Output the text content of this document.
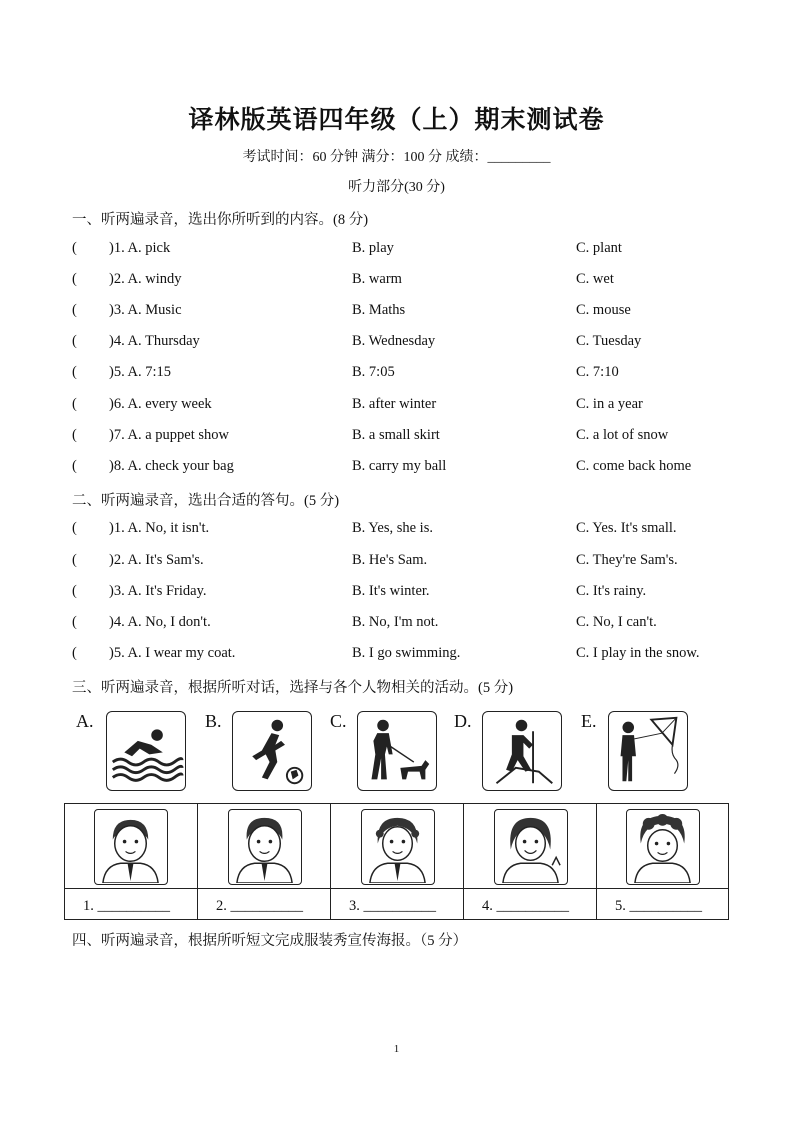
译林版英语四年级（上）期末测试卷
考试时间：60 分钟 满分：100 分 成绩：_________
听力部分(30 分)
一、听两遍录音，选出你所听到的内容。(8 分)
( )1. A. pick	B. play	C. plant
( )2. A. windy	B. warm	C. wet
( )3. A. Music	B. Maths	C. mouse
( )4. A. Thursday	B. Wednesday	C. Tuesday
( )5. A. 7:15	B. 7:05	C. 7:10
( )6. A. every week	B. after winter	C. in a year
( )7. A. a puppet show	B. a small skirt	C. a lot of snow
( )8. A. check your bag	B. carry my ball	C. come back home
二、听两遍录音，选出合适的答句。(5 分)
( )1. A. No, it isn't.	B. Yes, she is.	C. Yes. It's small.
( )2. A. It's Sam's.	B. He's Sam.	C. They're Sam's.
( )3. A. It's Friday.	B. It's winter.	C. It's rainy.
( )4. A. No, I don't.	B. No, I'm not.	C. No, I can't.
( )5. A. I wear my coat.	B. I go swimming.	C. I play in the snow.
三、听两遍录音，根据所听对话，选择与各个人物相关的活动。(5 分)
A.	B.	C.	D.	E.
1. __________	2. __________	3. __________	4. __________	5. __________
四、听两遍录音，根据所听短文完成服装秀宣传海报。（5 分）
1
